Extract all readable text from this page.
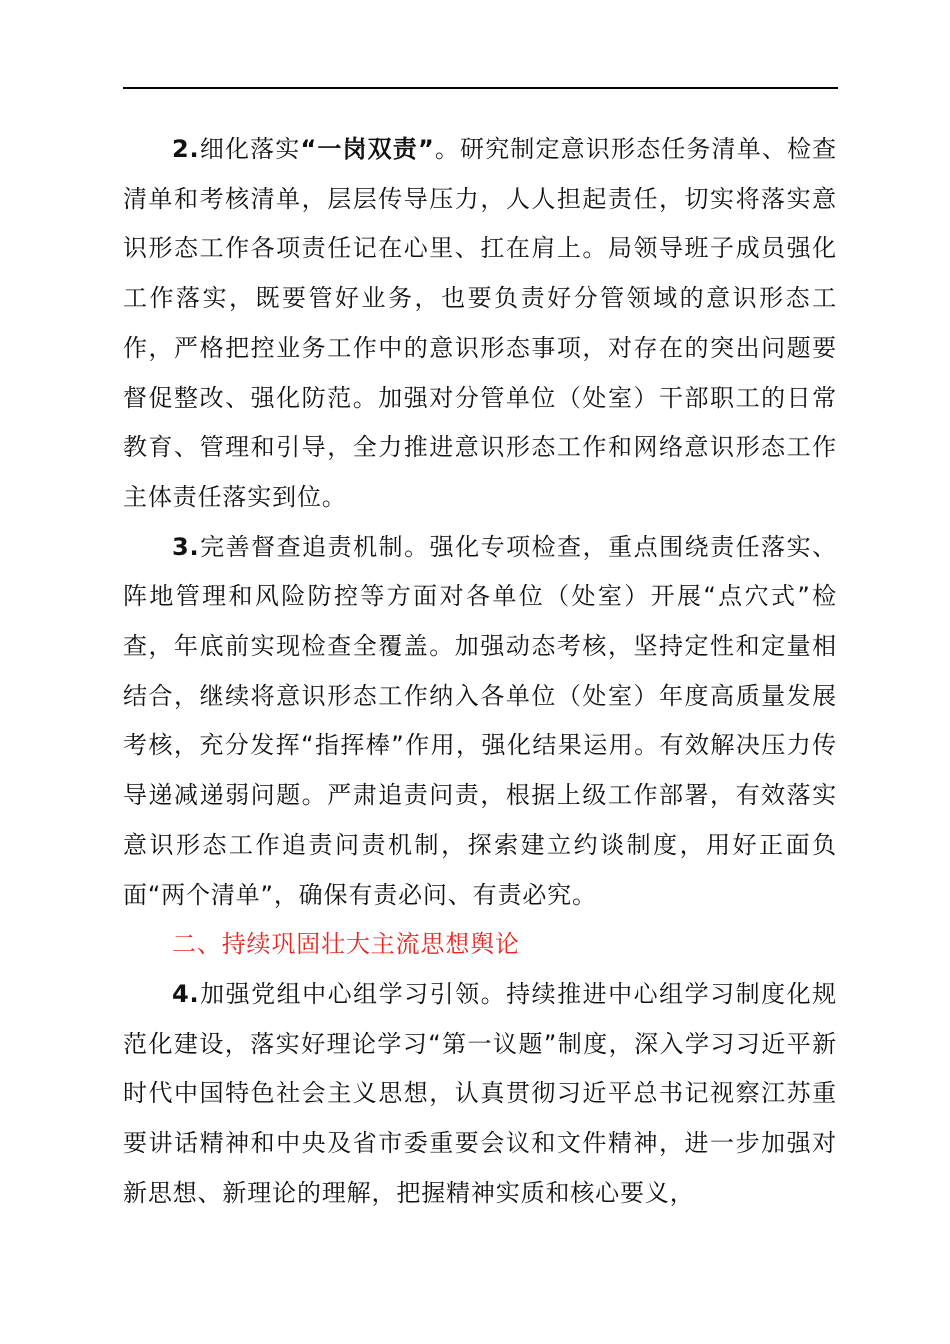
2.细化落实“一岗双责”。研究制定意识形态任务清单、检查清单和考核清单，层层传导压力，人人担起责任，切实将落实意识形态工作各项责任记在心里、扛在肩上。局领导班子成员强化工作落实，既要管好业务，也要负责好分管领域的意识形态工作，严格把控业务工作中的意识形态事项，对存在的突出问题要督促整改、强化防范。加强对分管单位（处室）干部职工的日常教育、管理和引导，全力推进意识形态工作和网络意识形态工作主体责任落实到位。

3.完善督查追责机制。强化专项检查，重点围绕责任落实、阵地管理和风险防控等方面对各单位（处室）开展“点穴式”检查，年底前实现检查全覆盖。加强动态考核，坚持定性和定量相结合，继续将意识形态工作纳入各单位（处室）年度高质量发展考核，充分发挥“指挥棒”作用，强化结果运用。有效解决压力传导递减递弱问题。严肃追责问责，根据上级工作部署，有效落实意识形态工作追责问责机制，探索建立约谈制度，用好正面负面“两个清单”，确保有责必问、有责必究。

二、持续巩固壮大主流思想舆论

4.加强党组中心组学习引领。持续推进中心组学习制度化规范化建设，落实好理论学习“第一议题”制度，深入学习习近平新时代中国特色社会主义思想，认真贯彻习近平总书记视察江苏重要讲话精神和中央及省市委重要会议和文件精神，进一步加强对新思想、新理论的理解，把握精神实质和核心要义，
